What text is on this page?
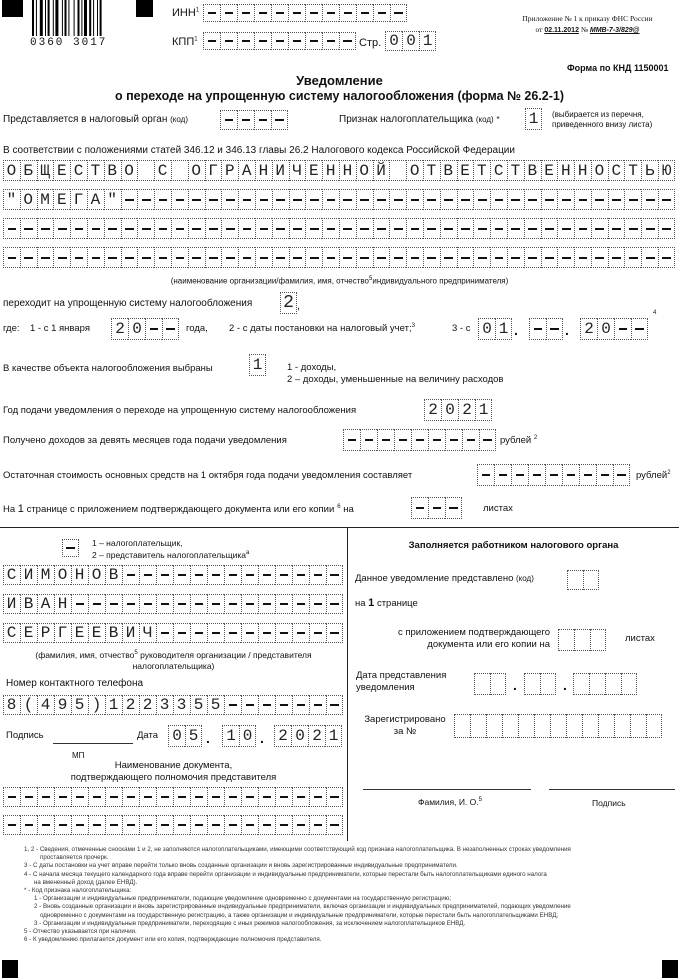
0360 3017
ИНН$^1$
КПП$^1$	Стр. 0 0 1
Приложение № 1 к приказу ФНС России
от 02.11.2012 № ММВ-7-3/829@
Форма по КНД 1150001
Уведомление
о переходе на упрощенную систему налогообложения (форма № 26.2-1)
Представляется в налоговый орган (код)	Признак налогоплательщика (код) * 1	(выбирается из перечня,
приведенного внизу листа)
В соответствии с положениями статей 346.12 и 346.13 главы 26.2 Налогового кодекса Российской Федерации
ОБЩЕСТВО С ОГРАНИЧЕННОЙ ОТВЕТСТВЕННОСТЬЮ
"ОМЕГА"
(наименование организации/фамилия, имя, отчество$^5$индивидуального предпринимателя)
переходит на упрощенную систему налогообложения 2 ,
где: 1 - с 1 января 2 0	года, 2 - с даты постановки на налоговый учет;$^3$	3 - с 0 1 .	. 2 0
4
В качестве объекта налогообложения выбраны 1	1 - доходы,
2 – доходы, уменьшенные на величину расходов
Год подачи уведомления о переходе на упрощенную систему налогообложения	2 0 2 1
Получено доходов за девять месяцев года подачи уведомления	рублей $^2$
Остаточная стоимость основных средств на 1 октября года подачи уведомления составляет	рублей$^2$
На 1 странице с приложением подтверждающего документа или его копии $^6$ на	листах
1 – налогоплательщик,
2 – представитель налогоплательщика$^а$
СИМОНОВ
ИВАН
СЕРГЕЕВИЧ
(фамилия, имя, отчество$^5$ руководителя организации / представителя
налогоплательщика)
Номер контактного телефона
8(495)1223355
Подпись	Дата 0 5 . 1 0 . 2 0 2 1
МП
Наименование документа,
подтверждающего полномочия представителя
Заполняется работником налогового органа
Данное уведомление представлено (код)
на 1 странице
с приложением подтверждающего
документа или его копии на
листах
Дата представления
уведомления	.	.
Зарегистрировано
за №
Фамилия, И. О.$^5$	Подпись
1, 2 - Сведения, отмеченные сносками 1 и 2, не заполняются налогоплательщиками, имеющими соответствующий код признака налогоплательщика. В незаполненных строках уведомления
проставляется прочерк.
3 - С даты постановки на учет вправе перейти только вновь созданные организации и вновь зарегистрированные индивидуальные предприниматели.
4 - С начала месяца текущего календарного года вправе перейти организации и индивидуальные предприниматели, которые перестали быть налогоплательщиками единого налога
на вмененный доход (далее ЕНВД).
* - Код признака налогоплательщика:
1 - Организации и индивидуальные предприниматели, подающие уведомление одновременно с документами на государственную регистрацию;
2 - Вновь созданные организации и вновь зарегистрированные индивидуальные предприниматели, включая организации и индивидуальных предпринимателей, подающих уведомление
одновременно с документами на государственную регистрацию, а также организации и индивидуальные предприниматели, которые перестали быть налогоплательщиками ЕНВД;
3 - Организации и индивидуальные предприниматели, переходящие с иных режимов налогообложения, за исключением налогоплательщиков ЕНВД.
5 - Отчество указывается при наличии.
6 - К уведомлению прилагается документ или его копия, подтверждающие полномочия представителя.
